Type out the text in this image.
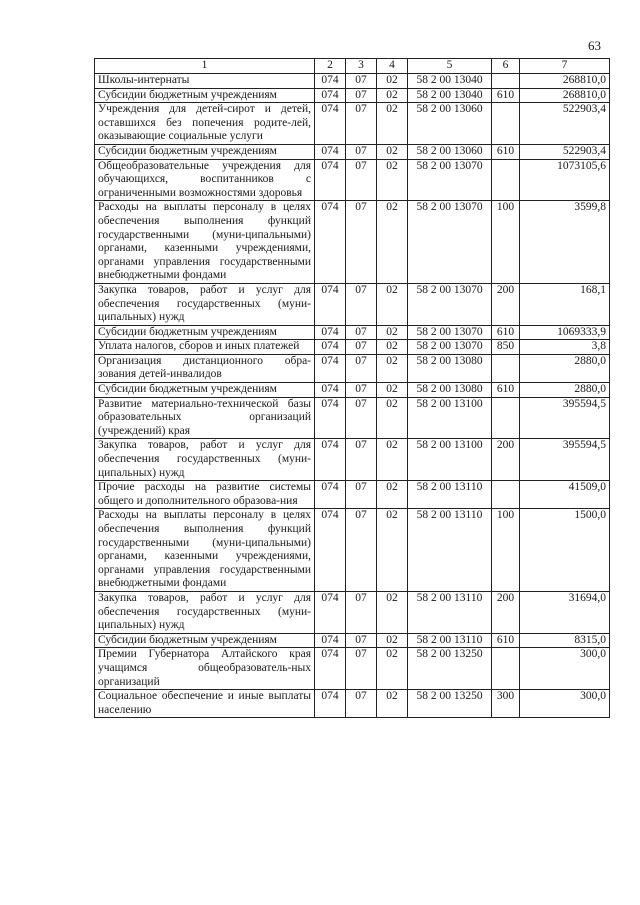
63
1	2	3	4	5	6	7
Школы-интернаты	074	07	02	58 2 00 13040		268810,0
Субсидии бюджетным учреждениям	074	07	02	58 2 00 13040	610	268810,0
Учреждения для детей-сирот и детей, оставшихся без попечения родите-лей, оказывающие социальные услуги	074	07	02	58 2 00 13060		522903,4
Субсидии бюджетным учреждениям	074	07	02	58 2 00 13060	610	522903,4
Общеобразовательные учреждения для обучающихся, воспитанников с ограниченными возможностями здоровья	074	07	02	58 2 00 13070		1073105,6
Расходы на выплаты персоналу в целях обеспечения выполнения функций государственными (муни-ципальными) органами, казенными учреждениями, органами управления государственными внебюджетными фондами	074	07	02	58 2 00 13070	100	3599,8
Закупка товаров, работ и услуг для обеспечения государственных (муни-ципальных) нужд	074	07	02	58 2 00 13070	200	168,1
Субсидии бюджетным учреждениям	074	07	02	58 2 00 13070	610	1069333,9
Уплата налогов, сборов и иных платежей	074	07	02	58 2 00 13070	850	3,8
Организация дистанционного обра-зования детей-инвалидов	074	07	02	58 2 00 13080		2880,0
Субсидии бюджетным учреждениям	074	07	02	58 2 00 13080	610	2880,0
Развитие материально-технической базы образовательных организаций (учреждений) края	074	07	02	58 2 00 13100		395594,5
Закупка товаров, работ и услуг для обеспечения государственных (муни-ципальных) нужд	074	07	02	58 2 00 13100	200	395594,5
Прочие расходы на развитие системы общего и дополнительного образова-ния	074	07	02	58 2 00 13110		41509,0
Расходы на выплаты персоналу в целях обеспечения выполнения функций государственными (муни-ципальными) органами, казенными учреждениями, органами управления государственными внебюджетными фондами	074	07	02	58 2 00 13110	100	1500,0
Закупка товаров, работ и услуг для обеспечения государственных (муни-ципальных) нужд	074	07	02	58 2 00 13110	200	31694,0
Субсидии бюджетным учреждениям	074	07	02	58 2 00 13110	610	8315,0
Премии Губернатора Алтайского края учащимся общеобразователь-ных организаций	074	07	02	58 2 00 13250		300,0
Социальное обеспечение и иные выплаты населению	074	07	02	58 2 00 13250	300	300,0
